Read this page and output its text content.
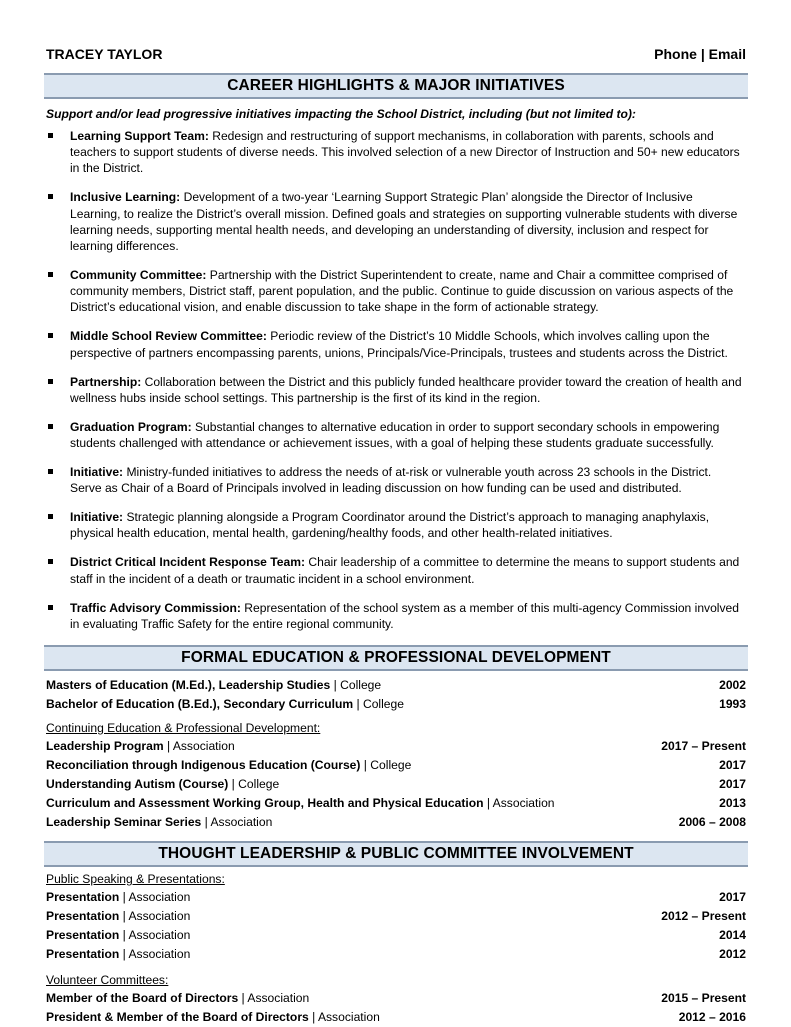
TRACEY TAYLOR	Phone | Email
CAREER HIGHLIGHTS & MAJOR INITIATIVES
Support and/or lead progressive initiatives impacting the School District, including (but not limited to):
Learning Support Team: Redesign and restructuring of support mechanisms, in collaboration with parents, schools and teachers to support students of diverse needs. This involved selection of a new Director of Instruction and 50+ new educators in the District.
Inclusive Learning: Development of a two-year ‘Learning Support Strategic Plan’ alongside the Director of Inclusive Learning, to realize the District’s overall mission. Defined goals and strategies on supporting vulnerable students with diverse learning needs, supporting mental health needs, and developing an understanding of diversity, inclusion and respect for learning differences.
Community Committee: Partnership with the District Superintendent to create, name and Chair a committee comprised of community members, District staff, parent population, and the public. Continue to guide discussion on various aspects of the District’s educational vision, and enable discussion to take shape in the form of actionable strategy.
Middle School Review Committee: Periodic review of the District’s 10 Middle Schools, which involves calling upon the perspective of partners encompassing parents, unions, Principals/Vice-Principals, trustees and students across the District.
Partnership: Collaboration between the District and this publicly funded healthcare provider toward the creation of health and wellness hubs inside school settings. This partnership is the first of its kind in the region.
Graduation Program: Substantial changes to alternative education in order to support secondary schools in empowering students challenged with attendance or achievement issues, with a goal of helping these students graduate successfully.
Initiative: Ministry-funded initiatives to address the needs of at-risk or vulnerable youth across 23 schools in the District. Serve as Chair of a Board of Principals involved in leading discussion on how funding can be used and distributed.
Initiative: Strategic planning alongside a Program Coordinator around the District’s approach to managing anaphylaxis, physical health education, mental health, gardening/healthy foods, and other health-related initiatives.
District Critical Incident Response Team: Chair leadership of a committee to determine the means to support students and staff in the incident of a death or traumatic incident in a school environment.
Traffic Advisory Commission: Representation of the school system as a member of this multi-agency Commission involved in evaluating Traffic Safety for the entire regional community.
FORMAL EDUCATION & PROFESSIONAL DEVELOPMENT
Masters of Education (M.Ed.), Leadership Studies | College	2002
Bachelor of Education (B.Ed.), Secondary Curriculum | College	1993
Continuing Education & Professional Development:
Leadership Program | Association	2017 – Present
Reconciliation through Indigenous Education (Course) | College	2017
Understanding Autism (Course) | College	2017
Curriculum and Assessment Working Group, Health and Physical Education | Association	2013
Leadership Seminar Series | Association	2006 – 2008
THOUGHT LEADERSHIP & PUBLIC COMMITTEE INVOLVEMENT
Public Speaking & Presentations:
Presentation | Association	2017
Presentation | Association	2012 – Present
Presentation | Association	2014
Presentation | Association	2012
Volunteer Committees:
Member of the Board of Directors | Association	2015 – Present
President & Member of the Board of Directors | Association	2012 – 2016
